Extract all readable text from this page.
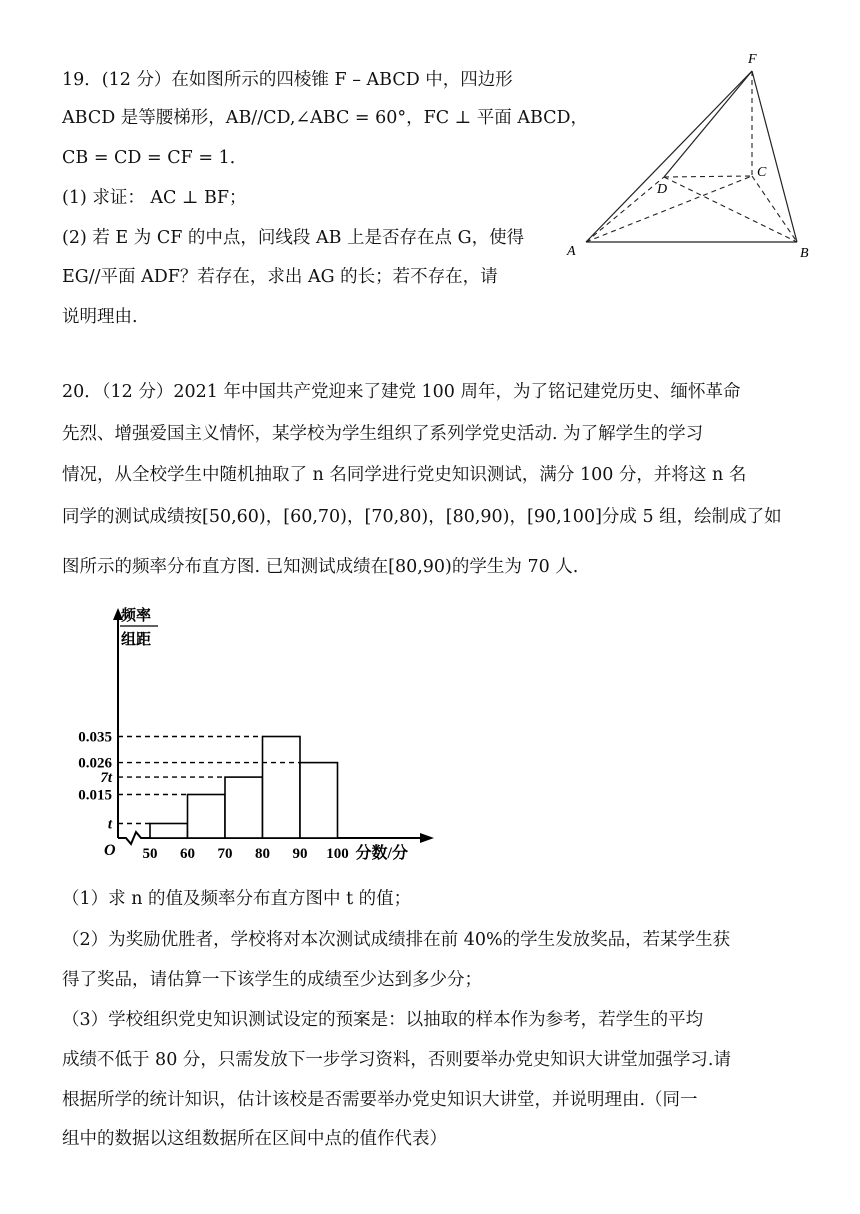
19．(12 分）在如图所示的四棱锥 F – ABCD 中，四边形
ABCD 是等腰梯形，AB//CD,∠ABC = 60°，FC ⊥ 平面 ABCD，
CB = CD = CF = 1．
(1) 求证： AC ⊥ BF；
(2) 若 E 为 CF 的中点，问线段 AB 上是否存在点 G，使得
EG//平面 ADF？若存在，求出 AG 的长；若不存在，请
说明理由.
F
C
D
A	B
20．（12 分）2021 年中国共产党迎来了建党 100 周年，为了铭记建党历史、缅怀革命
先烈、增强爱国主义情怀，某学校为学生组织了系列学党史活动. 为了解学生的学习
情况，从全校学生中随机抽取了 n 名同学进行党史知识测试，满分 100 分，并将这 n 名
同学的测试成绩按[50,60)，[60,70)，[70,80)，[80,90)，[90,100]分成 5 组，绘制成了如
图所示的频率分布直方图. 已知测试成绩在[80,90)的学生为 70 人.
频率
组距
O	分数/分
t
0.015
7t
0.026
0.035
50 60 70 80 90 100
（1）求 n 的值及频率分布直方图中 t 的值；
（2）为奖励优胜者，学校将对本次测试成绩排在前 40%的学生发放奖品，若某学生获
得了奖品，请估算一下该学生的成绩至少达到多少分；
（3）学校组织党史知识测试设定的预案是：以抽取的样本作为参考，若学生的平均
成绩不低于 80 分，只需发放下一步学习资料，否则要举办党史知识大讲堂加强学习.请
根据所学的统计知识，估计该校是否需要举办党史知识大讲堂，并说明理由.（同一
组中的数据以这组数据所在区间中点的值作代表）
